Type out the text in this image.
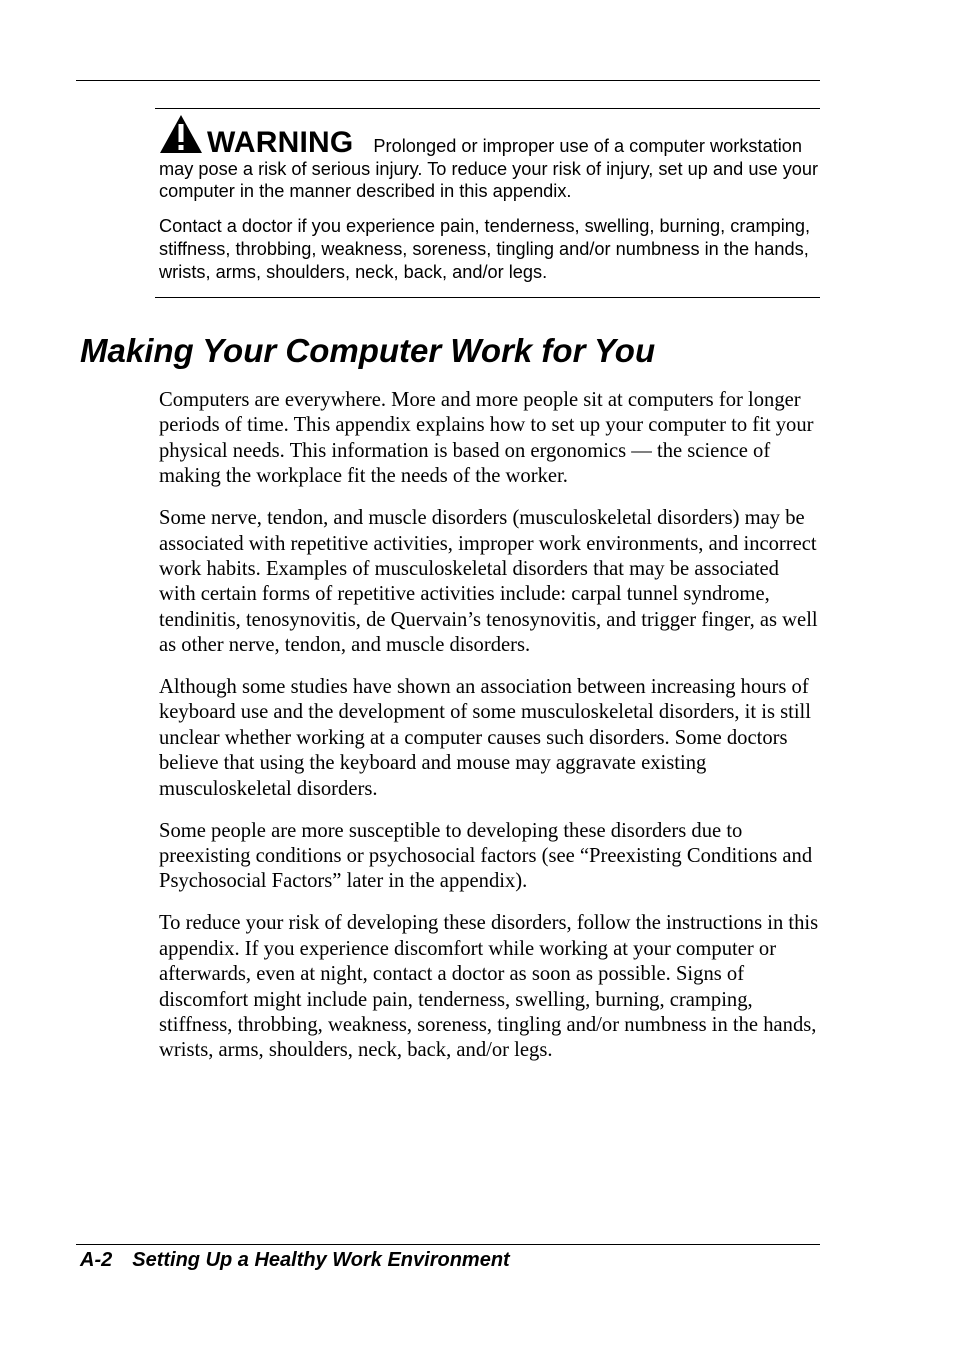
WARNING Prolonged or improper use of a computer workstation may pose a risk of serious injury. To reduce your risk of injury, set up and use your computer in the manner described in this appendix.

Contact a doctor if you experience pain, tenderness, swelling, burning, cramping, stiffness, throbbing, weakness, soreness, tingling and/or numbness in the hands, wrists, arms, shoulders, neck, back, and/or legs.

Making Your Computer Work for You

Computers are everywhere. More and more people sit at computers for longer periods of time. This appendix explains how to set up your computer to fit your physical needs. This information is based on ergonomics — the science of making the workplace fit the needs of the worker.

Some nerve, tendon, and muscle disorders (musculoskeletal disorders) may be associated with repetitive activities, improper work environments, and incorrect work habits. Examples of musculoskeletal disorders that may be associated with certain forms of repetitive activities include: carpal tunnel syndrome, tendinitis, tenosynovitis, de Quervain’s tenosynovitis, and trigger finger, as well as other nerve, tendon, and muscle disorders.

Although some studies have shown an association between increasing hours of keyboard use and the development of some musculoskeletal disorders, it is still unclear whether working at a computer causes such disorders. Some doctors believe that using the keyboard and mouse may aggravate existing musculoskeletal disorders.

Some people are more susceptible to developing these disorders due to preexisting conditions or psychosocial factors (see “Preexisting Conditions and Psychosocial Factors” later in the appendix).

To reduce your risk of developing these disorders, follow the instructions in this appendix. If you experience discomfort while working at your computer or afterwards, even at night, contact a doctor as soon as possible. Signs of discomfort might include pain, tenderness, swelling, burning, cramping, stiffness, throbbing, weakness, soreness, tingling and/or numbness in the hands, wrists, arms, shoulders, neck, back, and/or legs.

A-2 Setting Up a Healthy Work Environment
